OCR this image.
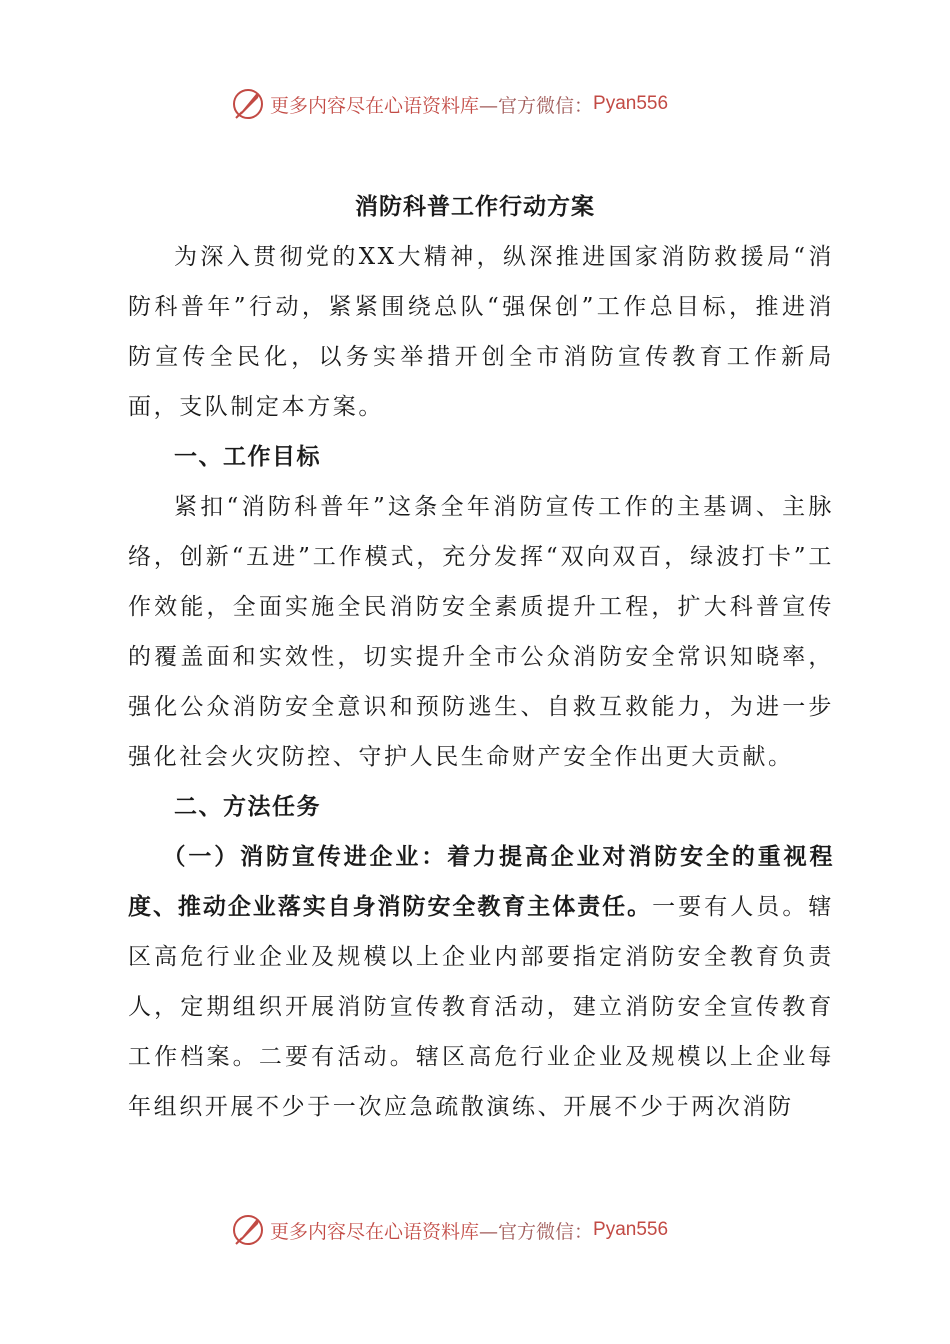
更多内容尽在心语资料库 —官方微信： Pyan556
消防科普工作行动方案

为深入贯彻党的XX大精神，纵深推进国家消防救援局“消防科普年”行动，紧紧围绕总队“强保创”工作总目标，推进消防宣传全民化，以务实举措开创全市消防宣传教育工作新局面，支队制定本方案。

一、工作目标

紧扣“消防科普年”这条全年消防宣传工作的主基调、主脉络，创新“五进”工作模式，充分发挥“双向双百，绿波打卡”工作效能，全面实施全民消防安全素质提升工程，扩大科普宣传的覆盖面和实效性，切实提升全市公众消防安全常识知晓率，强化公众消防安全意识和预防逃生、自救互救能力，为进一步强化社会火灾防控、守护人民生命财产安全作出更大贡献。

二、方法任务

（一）消防宣传进企业：着力提高企业对消防安全的重视程度、推动企业落实自身消防安全教育主体责任。一要有人员。辖区高危行业企业及规模以上企业内部要指定消防安全教育负责人，定期组织开展消防宣传教育活动，建立消防安全宣传教育工作档案。二要有活动。辖区高危行业企业及规模以上企业每年组织开展不少于一次应急疏散演练、开展不少于两次消防

更多内容尽在心语资料库 —官方微信： Pyan556
